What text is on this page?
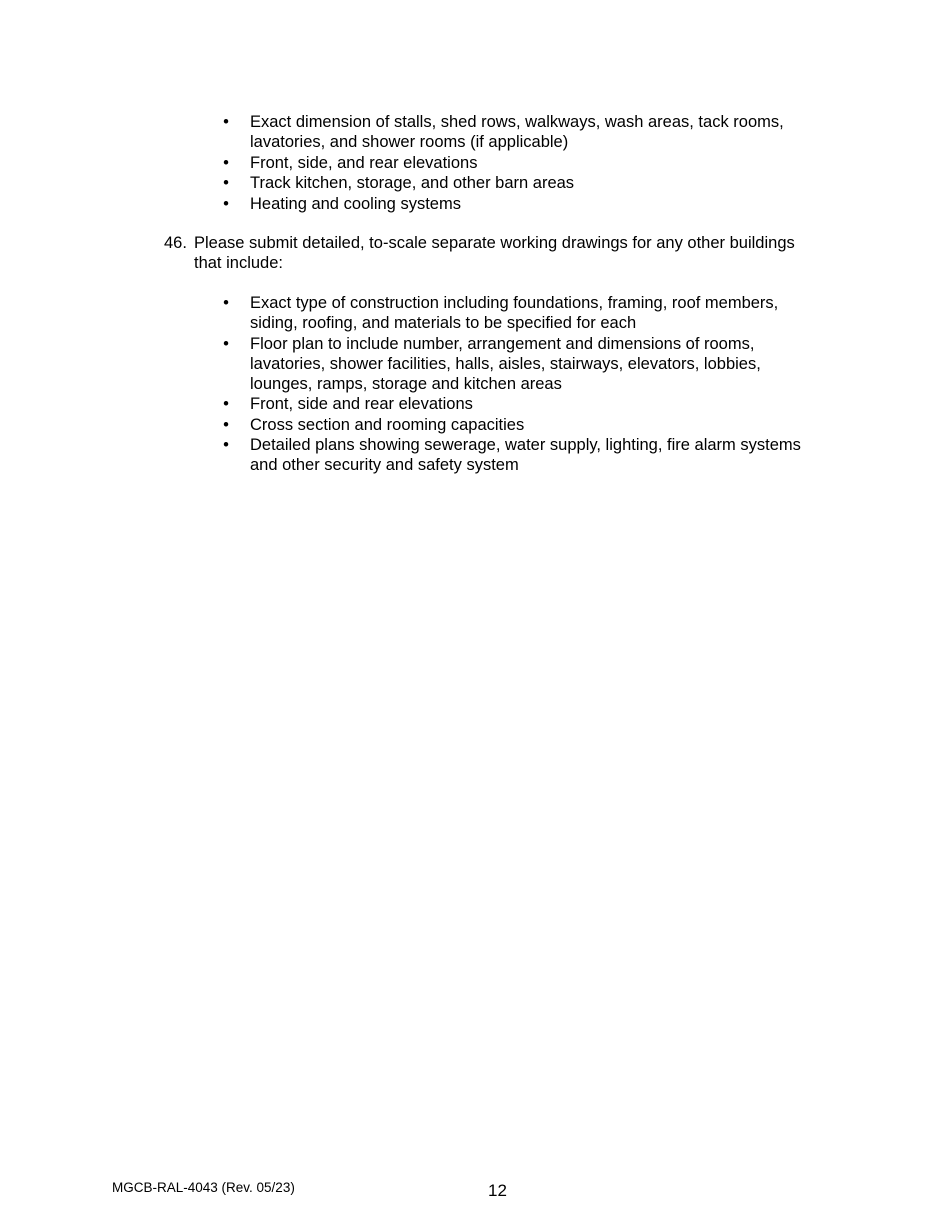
• Exact dimension of stalls, shed rows, walkways, wash areas, tack rooms, lavatories, and shower rooms (if applicable)
• Front, side, and rear elevations
• Track kitchen, storage, and other barn areas
• Heating and cooling systems
46. Please submit detailed, to-scale separate working drawings for any other buildings that include:
• Exact type of construction including foundations, framing, roof members, siding, roofing, and materials to be specified for each
• Floor plan to include number, arrangement and dimensions of rooms, lavatories, shower facilities, halls, aisles, stairways, elevators, lobbies, lounges, ramps, storage and kitchen areas
• Front, side and rear elevations
• Cross section and rooming capacities
• Detailed plans showing sewerage, water supply, lighting, fire alarm systems and other security and safety system
MGCB-RAL-4043 (Rev. 05/23)	12
